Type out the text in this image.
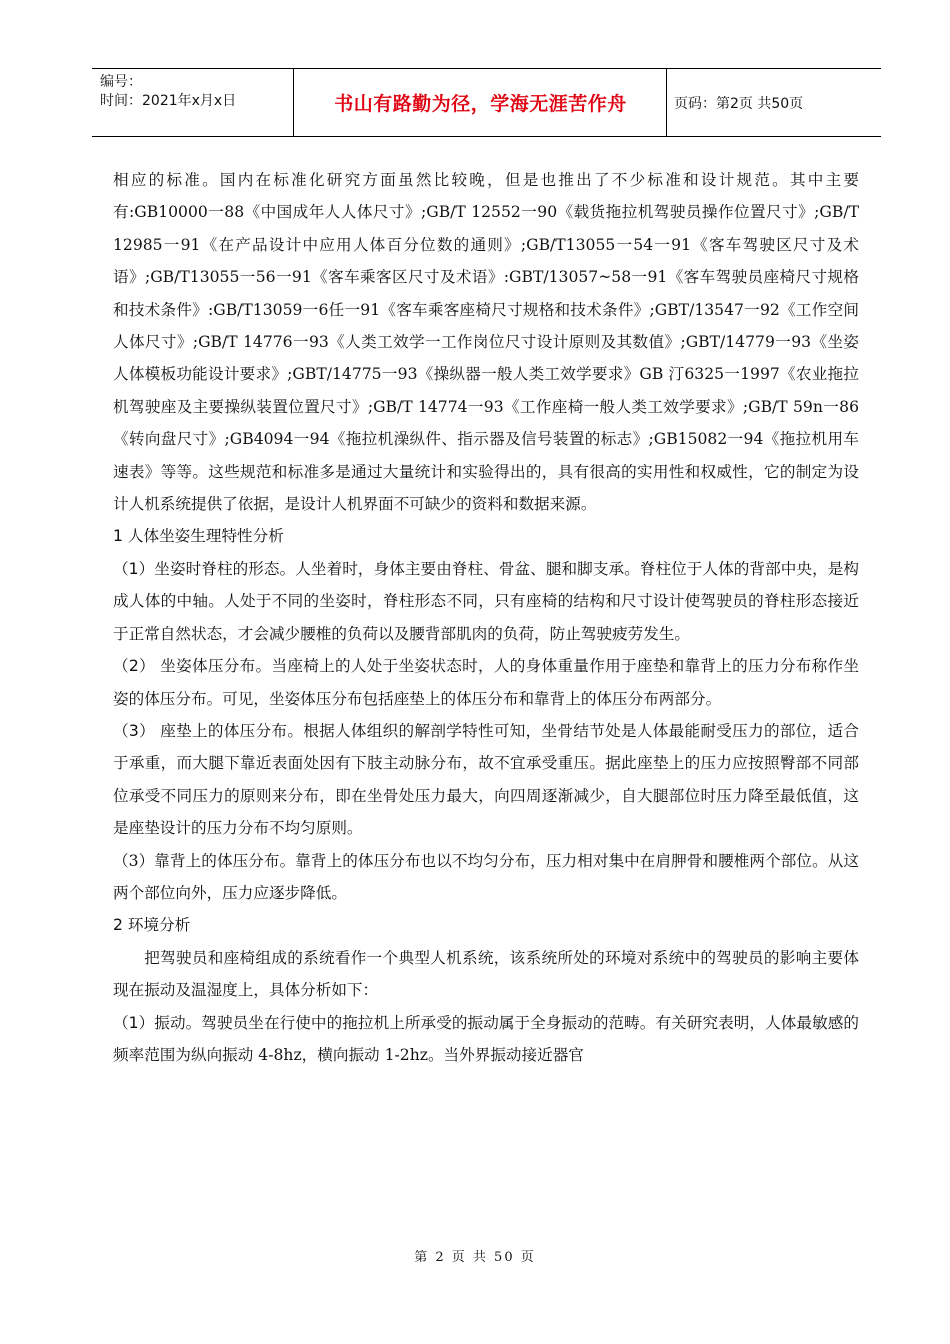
编号：
时间：2021年x月x日	书山有路勤为径，学海无涯苦作舟	页码：第2页 共50页

相应的标准。国内在标准化研究方面虽然比较晚，但是也推出了不少标准和设计规范。其中主要有:GB10000一88《中国成年人人体尺寸》;GB/T 12552一90《载货拖拉机驾驶员操作位置尺寸》;GB/T 12985一91《在产品设计中应用人体百分位数的通则》;GB/T13055一54一91《客车驾驶区尺寸及术语》;GB/T13055一56一91《客车乘客区尺寸及术语》:GBT/13057~58一91《客车驾驶员座椅尺寸规格和技术条件》:GB/T13059一6任一91《客车乘客座椅尺寸规格和技术条件》;GBT/13547一92《工作空间人体尺寸》;GB/T 14776一93《人类工效学一工作岗位尺寸设计原则及其数值》;GBT/14779一93《坐姿人体模板功能设计要求》;GBT/14775一93《操纵器一般人类工效学要求》GB 汀6325一1997《农业拖拉机驾驶座及主要操纵装置位置尺寸》;GB/T 14774一93《工作座椅一般人类工效学要求》;GB/T 59n一86《转向盘尺寸》;GB4094一94《拖拉机澡纵件、指示器及信号装置的标志》;GB15082一94《拖拉机用车速表》等等。这些规范和标准多是通过大量统计和实验得出的，具有很高的实用性和权威性，它的制定为设计人机系统提供了依据，是设计人机界面不可缺少的资料和数据来源。

1 人体坐姿生理特性分析

（1）坐姿时脊柱的形态。人坐着时，身体主要由脊柱、骨盆、腿和脚支承。脊柱位于人体的背部中央，是构成人体的中轴。人处于不同的坐姿时，脊柱形态不同，只有座椅的结构和尺寸设计使驾驶员的脊柱形态接近于正常自然状态，才会减少腰椎的负荷以及腰背部肌肉的负荷，防止驾驶疲劳发生。

（2） 坐姿体压分布。当座椅上的人处于坐姿状态时，人的身体重量作用于座垫和靠背上的压力分布称作坐姿的体压分布。可见，坐姿体压分布包括座垫上的体压分布和靠背上的体压分布两部分。

（3） 座垫上的体压分布。根据人体组织的解剖学特性可知，坐骨结节处是人体最能耐受压力的部位，适合于承重，而大腿下靠近表面处因有下肢主动脉分布，故不宜承受重压。据此座垫上的压力应按照臀部不同部位承受不同压力的原则来分布，即在坐骨处压力最大，向四周逐渐减少，自大腿部位时压力降至最低值，这是座垫设计的压力分布不均匀原则。

（3）靠背上的体压分布。靠背上的体压分布也以不均匀分布，压力相对集中在肩胛骨和腰椎两个部位。从这两个部位向外，压力应逐步降低。

2 环境分析

把驾驶员和座椅组成的系统看作一个典型人机系统，该系统所处的环境对系统中的驾驶员的影响主要体现在振动及温湿度上，具体分析如下：

（1）振动。驾驶员坐在行使中的拖拉机上所承受的振动属于全身振动的范畴。有关研究表明，人体最敏感的频率范围为纵向振动 4-8hz，横向振动 1-2hz。当外界振动接近器官

第 2 页 共 50 页
